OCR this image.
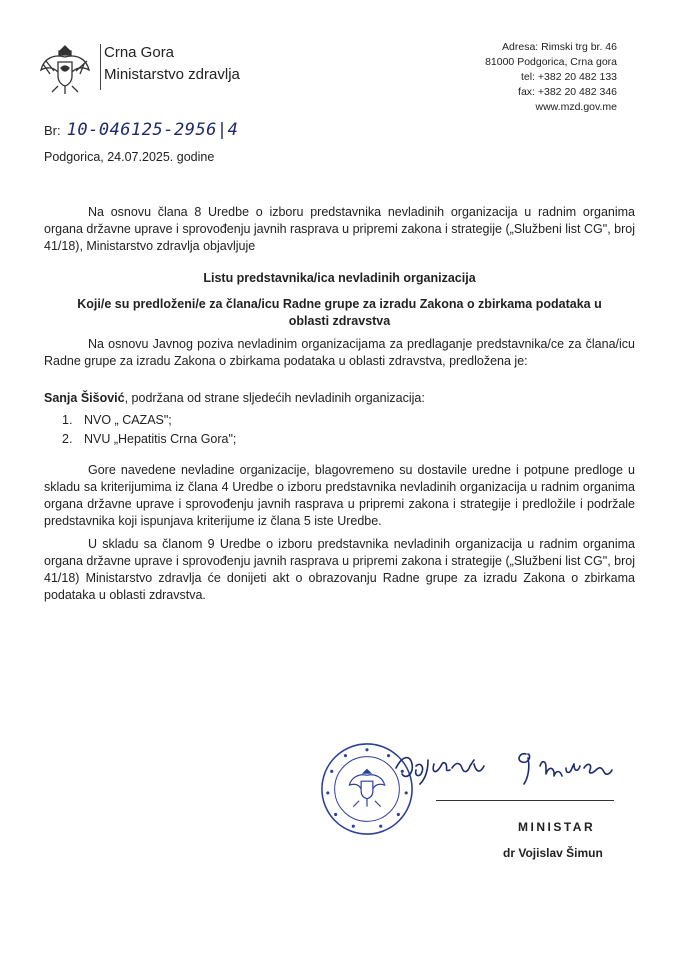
Crna Gora
Ministarstvo zdravlja
Adresa: Rimski trg br. 46
81000 Podgorica, Crna gora
tel: +382 20 482 133
fax: +382 20 482 346
www.mzd.gov.me
Br: 10-046125-2956|4
Podgorica, 24.07.2025. godine
Na osnovu člana 8 Uredbe o izboru predstavnika nevladinih organizacija u radnim organima organa državne uprave i sprovođenju javnih rasprava u pripremi zakona i strategije („Službeni list CG", broj 41/18), Ministarstvo zdravlja objavljuje
Listu predstavnika/ica nevladinih organizacija
Koji/e su predloženi/e za člana/icu Radne grupe za izradu Zakona o zbirkama podataka u oblasti zdravstva
Na osnovu Javnog poziva nevladinim organizacijama za predlaganje predstavnika/ce za člana/icu Radne grupe za izradu Zakona o zbirkama podataka u oblasti zdravstva, predložena je:
Sanja Šišović, podržana od strane sljedećih nevladinih organizacija:
1. NVO „ CAZAS";
2. NVU „Hepatitis Crna Gora";
Gore navedene nevladine organizacije, blagovremeno su dostavile uredne i potpune predloge u skladu sa kriterijumima iz člana 4 Uredbe o izboru predstavnika nevladinih organizacija u radnim organima organa državne uprave i sprovođenju javnih rasprava u pripremi zakona i strategije i predložile i podržale predstavnika koji ispunjava kriterijume iz člana 5 iste Uredbe.
U skladu sa članom 9 Uredbe o izboru predstavnika nevladinih organizacija u radnim organima organa državne uprave i sprovođenju javnih rasprava u pripremi zakona i strategije („Službeni list CG", broj 41/18) Ministarstvo zdravlja će donijeti akt o obrazovanju Radne grupe za izradu Zakona o zbirkama podataka u oblasti zdravstva.
MINISTAR
dr Vojislav Šimun
